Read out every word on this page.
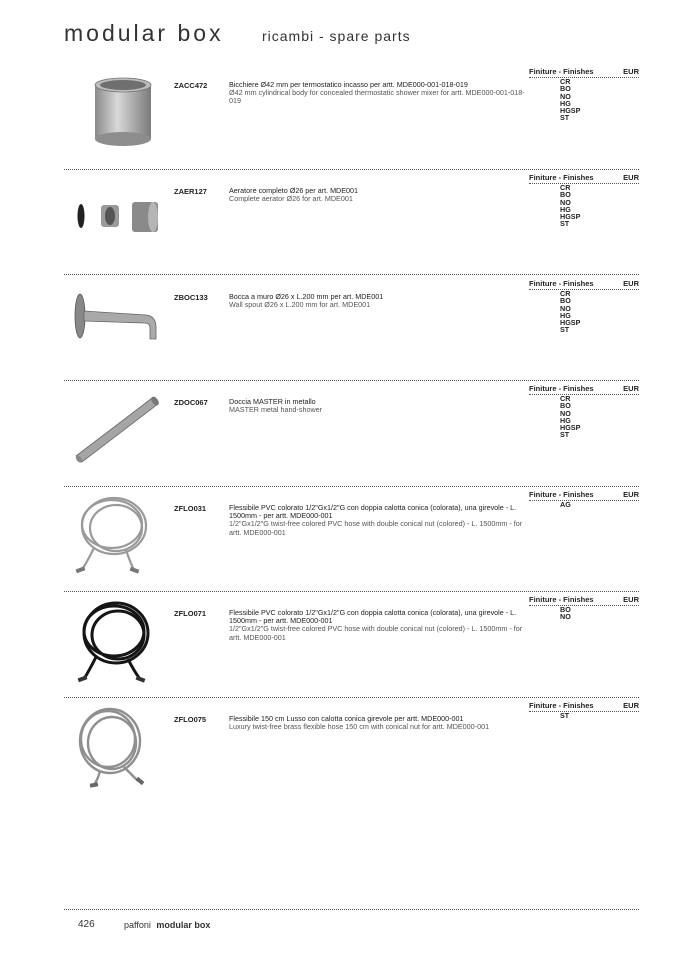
modular box	ricambi - spare parts
ZACC472	Bicchiere Ø42 mm per termostatico incasso per artt. MDE000-001-018-019
Ø42 mm cylindrical body for concealed thermostatic shower mixer for artt. MDE000-001-018-019
Finiture - Finishes	EUR
CR
BO
NO
HG
HGSP
ST
ZAER127	Aeratore completo Ø26 per art. MDE001
Complete aerator Ø26 for art. MDE001
Finiture - Finishes	EUR
CR
BO
NO
HG
HGSP
ST
ZBOC133	Bocca a muro Ø26 x L.200 mm per art. MDE001
Wall spout Ø26 x L.200 mm for art. MDE001
Finiture - Finishes	EUR
CR
BO
NO
HG
HGSP
ST
ZDOC067	Doccia MASTER in metallo
MASTER metal hand-shower
Finiture - Finishes	EUR
CR
BO
NO
HG
HGSP
ST
ZFLO031	Flessibile PVC colorato 1/2"Gx1/2"G con doppia calotta conica (colorata), una girevole - L. 1500mm - per artt. MDE000-001
1/2"Gx1/2"G twist-free colored PVC hose with double conical nut (colored) - L. 1500mm - for artt. MDE000-001
Finiture - Finishes	EUR
AG
ZFLO071	Flessibile PVC colorato 1/2"Gx1/2"G con doppia calotta conica (colorata), una girevole - L. 1500mm - per artt. MDE000-001
1/2"Gx1/2"G twist-free colored PVC hose with double conical nut (colored) - L. 1500mm - for artt. MDE000-001
Finiture - Finishes	EUR
BO
NO
ZFLO075	Flessibile 150 cm Lusso con calotta conica girevole per artt. MDE000-001
Luxury twist-free brass flexible hose 150 cm with conical nut for artt. MDE000-001
Finiture - Finishes	EUR
ST
426	paffoni modular box
